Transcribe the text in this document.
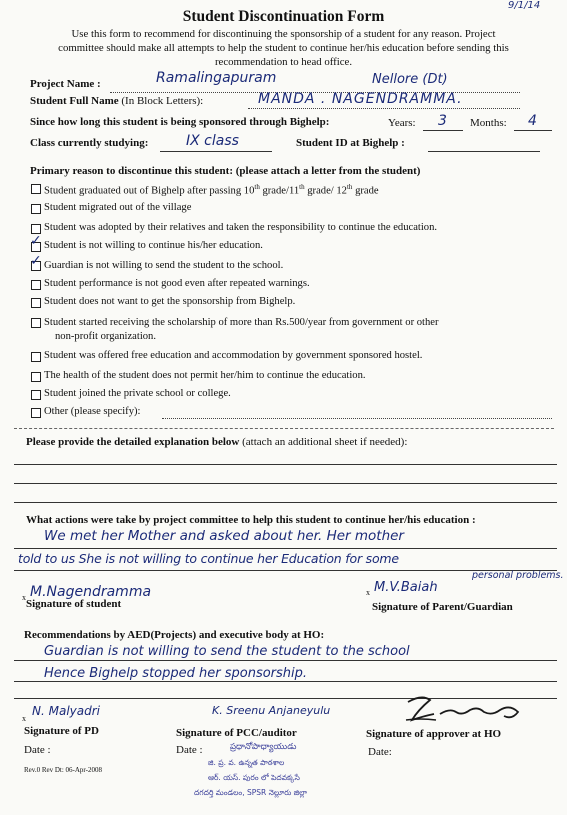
Student Discontinuation Form
9/1/14
Use this form to recommend for discontinuing the sponsorship of a student for any reason. Project
committee should make all attempts to help the student to continue her/his education before sending this
recommendation to head office.
Project Name :	Ramalingapuram	Nellore (Dt)
Student Full Name (In Block Letters):	MANDA . NAGENDRAMMA.
Since how long this student is being sponsored through Bighelp:	Years: 3 Months: 4
Class currently studying:	IX class	Student ID at Bighelp :
Primary reason to discontinue this student: (please attach a letter from the student)
Student graduated out of Bighelp after passing 10th grade/11th grade/ 12th grade
Student migrated out of the village
Student was adopted by their relatives and taken the responsibility to continue the education.
✓ Student is not willing to continue his/her education.
✓ Guardian is not willing to send the student to the school.
Student performance is not good even after repeated warnings.
Student does not want to get the sponsorship from Bighelp.
Student started receiving the scholarship of more than Rs.500/year from government or other
non-profit organization.
Student was offered free education and accommodation by government sponsored hostel.
The health of the student does not permit her/him to continue the education.
Student joined the private school or college.
Other (please specify):
Please provide the detailed explanation below (attach an additional sheet if needed):
What actions were take by project committee to help this student to continue her/his education :
We met her Mother and asked about her. Her mother
told to us She is not willing to continue her Education for some
personal problems.
x M.Nagendramma
Signature of student
x M.V.Baiah
Signature of Parent/Guardian
Recommendations by AED(Projects) and executive body at HO:
Guardian is not willing to send the student to the school
Hence Bighelp stopped her sponsorship.
x
N. Malyadri
Signature of PD
Date :
K. Sreenu Anjaneyulu
Signature of PCC/auditor
Date :
Signature of approver at HO
Date:
ప్రధానోపాధ్యాయుడు
జి. ప్ర. వ. ఉన్నత పాఠశాల
ఆర్. యస్. పురం లో పెదవక్కసే
దగదర్తి మండలం, SPSR నెల్లూరు జిల్లా
Rev.0 Rev Dt: 06-Apr-2008
